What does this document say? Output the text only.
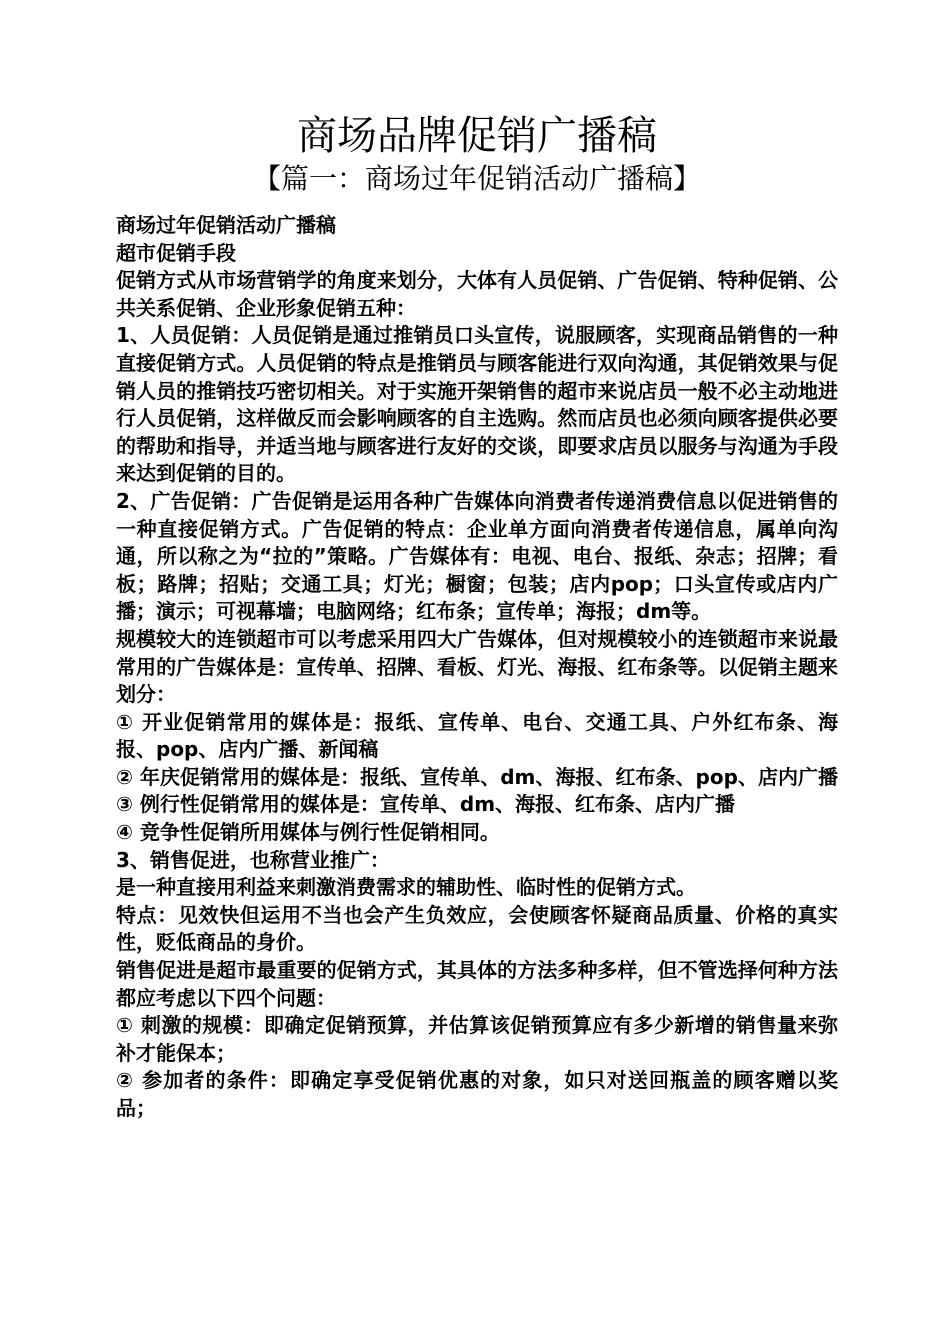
商场品牌促销广播稿
【篇一：商场过年促销活动广播稿】

商场过年促销活动广播稿

超市促销手段

促销方式从市场营销学的角度来划分，大体有人员促销、广告促销、特种促销、公共关系促销、企业形象促销五种：

1、人员促销：人员促销是通过推销员口头宣传，说服顾客，实现商品销售的一种直接促销方式。人员促销的特点是推销员与顾客能进行双向沟通，其促销效果与促销人员的推销技巧密切相关。对于实施开架销售的超市来说店员一般不必主动地进行人员促销，这样做反而会影响顾客的自主选购。然而店员也必须向顾客提供必要的帮助和指导，并适当地与顾客进行友好的交谈，即要求店员以服务与沟通为手段来达到促销的目的。

2、广告促销：广告促销是运用各种广告媒体向消费者传递消费信息以促进销售的一种直接促销方式。广告促销的特点：企业单方面向消费者传递信息，属单向沟通，所以称之为“拉的”策略。广告媒体有：电视、电台、报纸、杂志；招牌；看板；路牌；招贴；交通工具；灯光；橱窗；包装；店内pop；口头宣传或店内广播；演示；可视幕墙；电脑网络；红布条；宣传单；海报；dm等。

规模较大的连锁超市可以考虑采用四大广告媒体，但对规模较小的连锁超市来说最常用的广告媒体是：宣传单、招牌、看板、灯光、海报、红布条等。以促销主题来划分：

① 开业促销常用的媒体是：报纸、宣传单、电台、交通工具、户外红布条、海报、pop、店内广播、新闻稿

② 年庆促销常用的媒体是：报纸、宣传单、dm、海报、红布条、pop、店内广播 ③ 例行性促销常用的媒体是：宣传单、dm、海报、红布条、店内广播

④ 竞争性促销所用媒体与例行性促销相同。

3、销售促进，也称营业推广：

是一种直接用利益来刺激消费需求的辅助性、临时性的促销方式。

特点：见效快但运用不当也会产生负效应，会使顾客怀疑商品质量、价格的真实性，贬低商品的身价。

销售促进是超市最重要的促销方式，其具体的方法多种多样，但不管选择何种方法都应考虑以下四个问题：

① 刺激的规模：即确定促销预算，并估算该促销预算应有多少新增的销售量来弥补才能保本；

② 参加者的条件：即确定享受促销优惠的对象，如只对送回瓶盖的顾客赠以奖品；
